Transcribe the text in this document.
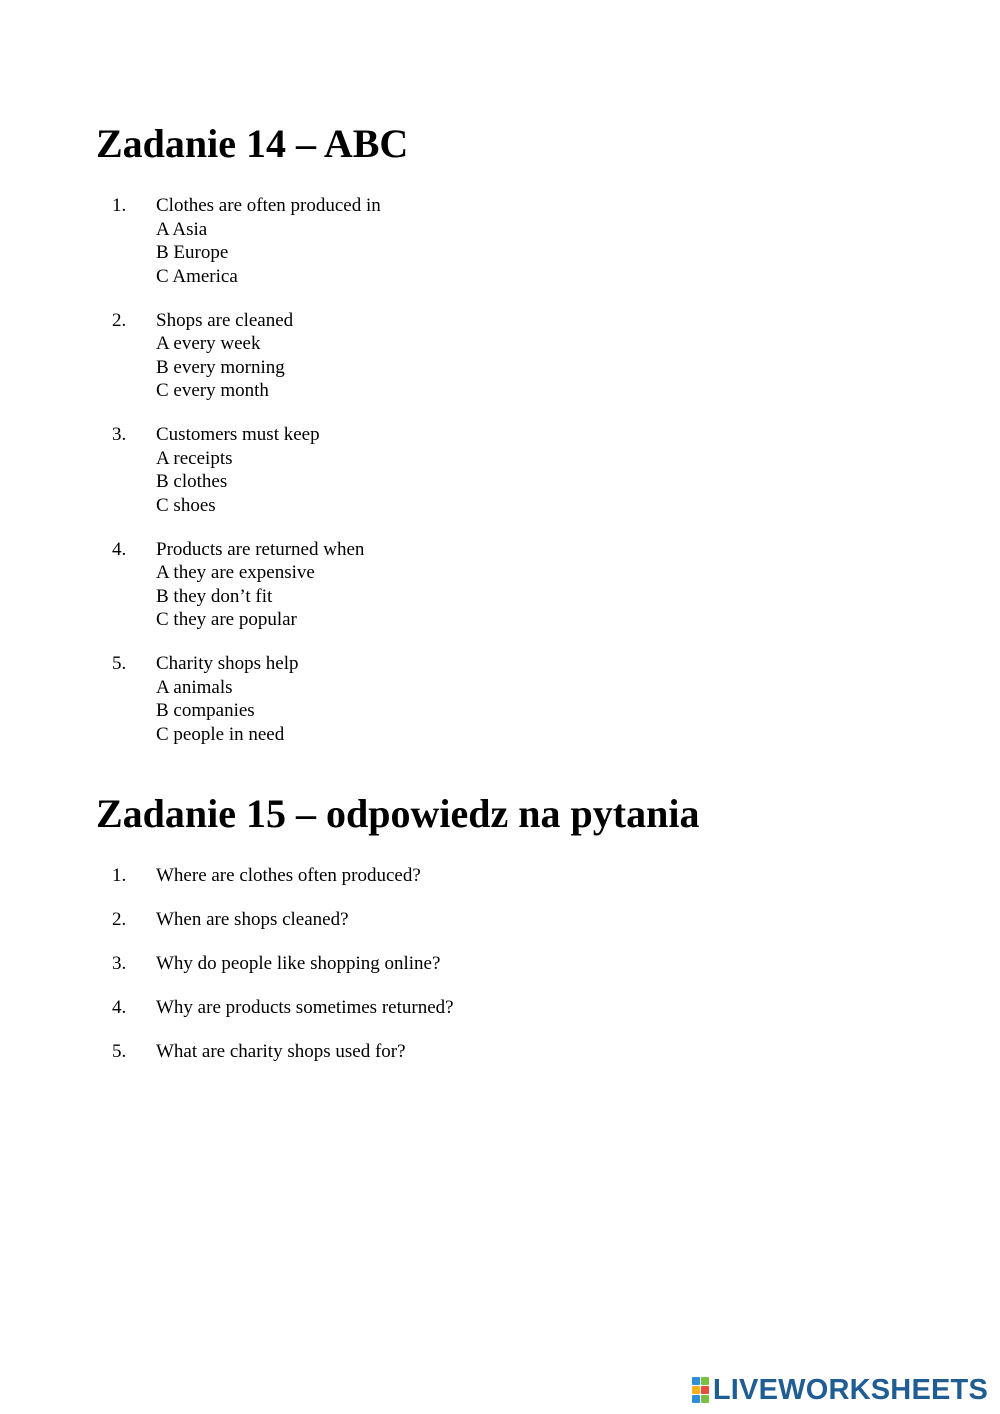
Zadanie 14 – ABC
1. Clothes are often produced in
A Asia
B Europe
C America
2. Shops are cleaned
A every week
B every morning
C every month
3. Customers must keep
A receipts
B clothes
C shoes
4. Products are returned when
A they are expensive
B they don’t fit
C they are popular
5. Charity shops help
A animals
B companies
C people in need
Zadanie 15 – odpowiedz na pytania
1. Where are clothes often produced?
2. When are shops cleaned?
3. Why do people like shopping online?
4. Why are products sometimes returned?
5. What are charity shops used for?
LIVEWORKSHEETS
